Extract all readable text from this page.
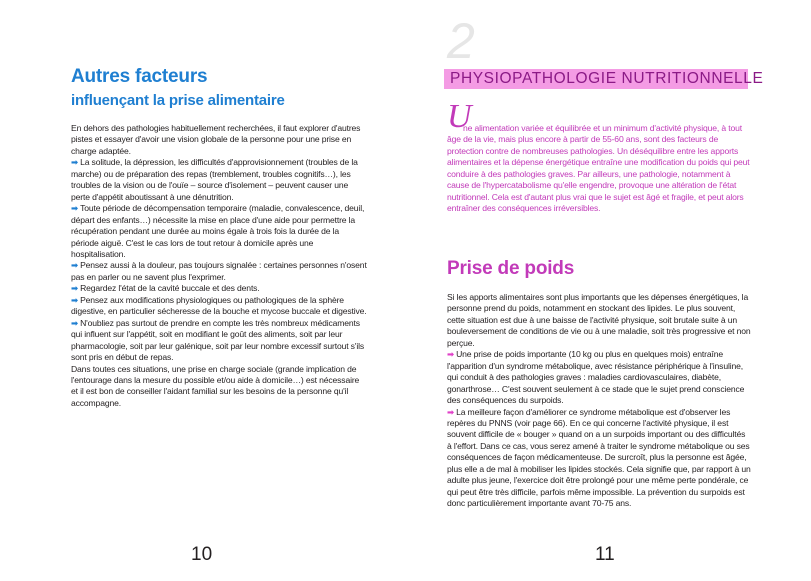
Autres facteurs
influençant la prise alimentaire

En dehors des pathologies habituellement recherchées, il faut explorer d'autres pistes et essayer d'avoir une vision globale de la personne pour une prise en charge adaptée.

➡ La solitude, la dépression, les difficultés d'approvisionnement (troubles de la marche) ou de préparation des repas (tremblement, troubles cognitifs…), les troubles de la vision ou de l'ouïe – source d'isolement – peuvent causer une perte d'appétit aboutissant à une dénutrition.

➡ Toute période de décompensation temporaire (maladie, convalescence, deuil, départ des enfants…) nécessite la mise en place d'une aide pour permettre la récupération pendant une durée au moins égale à trois fois la durée de la période aiguë. C'est le cas lors de tout retour à domicile après une hospitalisation.

➡ Pensez aussi à la douleur, pas toujours signalée : certaines personnes n'osent pas en parler ou ne savent plus l'exprimer.

➡ Regardez l'état de la cavité buccale et des dents.

➡ Pensez aux modifications physiologiques ou pathologiques de la sphère digestive, en particulier sécheresse de la bouche et mycose buccale et digestive.

➡ N'oubliez pas surtout de prendre en compte les très nombreux médicaments qui influent sur l'appétit, soit en modifiant le goût des aliments, soit par leur pharmacologie, soit par leur galénique, soit par leur nombre excessif surtout s'ils sont pris en début de repas.

Dans toutes ces situations, une prise en charge sociale (grande implication de l'entourage dans la mesure du possible et/ou aide à domicile…) est nécessaire et il est bon de conseiller l'aidant familial sur les besoins de la personne qu'il accompagne.

10
2
PHYSIOPATHOLOGIE NUTRITIONNELLE
U
ne alimentation variée et équilibrée et un minimum d'activité physique, à tout âge de la vie, mais plus encore à partir de 55-60 ans, sont des facteurs de protection contre de nombreuses pathologies. Un déséquilibre entre les apports alimentaires et la dépense énergétique entraîne une modification du poids qui peut conduire à des pathologies graves. Par ailleurs, une pathologie, notamment à cause de l'hypercatabolisme qu'elle engendre, provoque une altération de l'état nutritionnel. Cela est d'autant plus vrai que le sujet est âgé et fragile, et peut alors entraîner des conséquences irréversibles.
Prise de poids

Si les apports alimentaires sont plus importants que les dépenses énergétiques, la personne prend du poids, notamment en stockant des lipides. Le plus souvent, cette situation est due à une baisse de l'activité physique, soit brutale suite à un bouleversement de conditions de vie ou à une maladie, soit très progressive et non perçue.

➡ Une prise de poids importante (10 kg ou plus en quelques mois) entraîne l'apparition d'un syndrome métabolique, avec résistance périphérique à l'insuline, qui conduit à des pathologies graves : maladies cardiovasculaires, diabète, gonarthrose… C'est souvent seulement à ce stade que le sujet prend conscience des conséquences du surpoids.

➡ La meilleure façon d'améliorer ce syndrome métabolique est d'observer les repères du PNNS (voir page 66). En ce qui concerne l'activité physique, il est souvent difficile de « bouger » quand on a un surpoids important ou des difficultés à l'effort. Dans ce cas, vous serez amené à traiter le syndrome métabolique ou ses conséquences de façon médicamenteuse. De surcroît, plus la personne est âgée, plus elle a de mal à mobiliser les lipides stockés. Cela signifie que, par rapport à un adulte plus jeune, l'exercice doit être prolongé pour une même perte pondérale, ce qui peut être très difficile, parfois même impossible. La prévention du surpoids est donc particulièrement importante avant 70-75 ans.

11
